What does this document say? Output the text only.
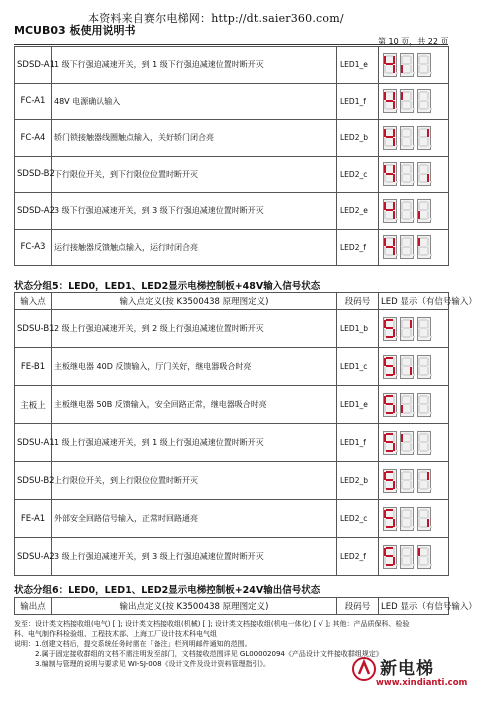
本资料来自赛尔电梯网：http://dt.saier360.com/
MCUB03 板使用说明书
第 10 页，共 22 页
SDSD-A1	1 级下行强迫减速开关，到 1 级下行强迫减速位置时断开灭	LED1_e	

FC-A1	48V 电源确认输入	LED1_f	

FC-A4	轿门锁接触器线圈触点输入，关好轿门闭合亮	LED2_b	

SDSD-B2	下行限位开关，到下行限位位置时断开灭	LED2_c	

SDSD-A2	3 级下行强迫减速开关，到 3 级下行强迫减速位置时断开灭	LED2_e	

FC-A3	运行接触器反馈触点输入，运行时闭合亮	LED2_f	
状态分组5：LED0，LED1、LED2显示电梯控制板+48V输入信号状态
输入点	输入点定义(按 K3500438 原理图定义)	段码号	LED 显示（有信号输入）
SDSU-B1	2 级上行强迫减速开关，到 2 级上行强迫减速位置时断开灭	LED1_b	

FE-B1	主板继电器 40D 反馈输入，厅门关好，继电器吸合时亮	LED1_c	

主板上	主板继电器 50B 反馈输入，安全回路正常，继电器吸合时亮	LED1_e	

SDSU-A1	1 级上行强迫减速开关，到 1 级上行强迫减速位置时断开灭	LED1_f	

SDSU-B2	上行限位开关，到上行限位位置时断开灭	LED2_b	

FE-A1	外部安全回路信号输入，正常时回路通亮	LED2_c	

SDSU-A2	3 级上行强迫减速开关，到 3 级上行强迫减速位置时断开灭	LED2_f	
状态分组6：LED0，LED1、LED2显示电梯控制板+24V输出信号状态
输出点	输出点定义(按 K3500438 原理图定义)	段码号	LED 显示（有信号输入）
发至：设计类文档接收组(电气) [ ]; 设计类文档接收组(机械) [ ]; 设计类文档接收组(机电一体化) [ √ ]; 其他：产品质保科、检验
科、电气制作科检验组、工程技术部、上海工厂设计技术科电气组
说明：1.创建文档后，提交系统任务时需在「备注」栏列明邮件通知的范围。
　　　2.属于固定接收群组的文档不需注明发至部门，文档接收范围详见 GL00002094《产品设计文件接收群组规定》
　　　3.编制与管理的说明与要求见 WI-SJ-008《设计文件及设计资料管理指引》。	新电梯
www.xindianti.com
